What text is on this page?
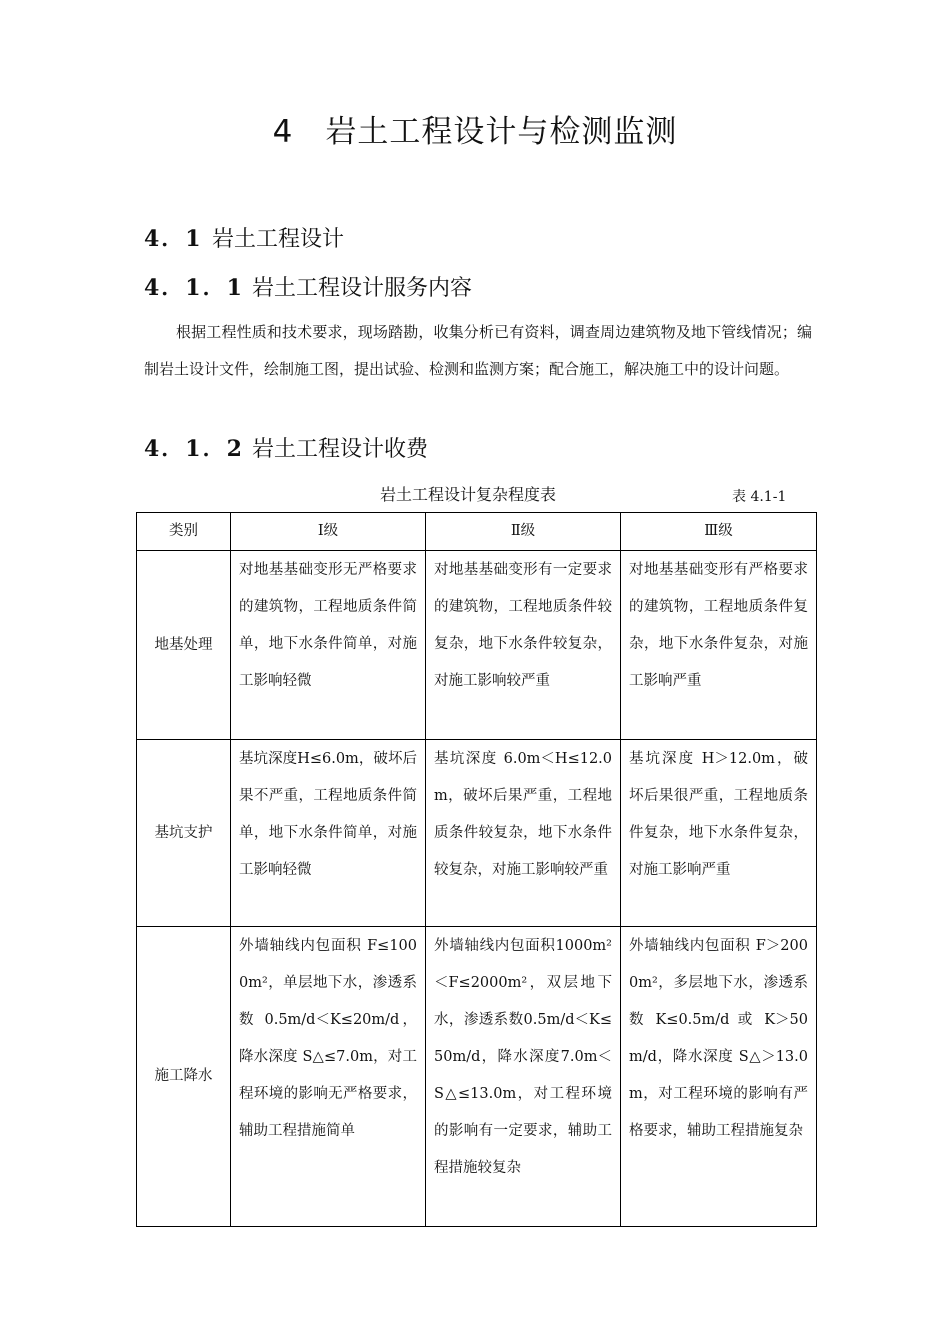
4 岩土工程设计与检测监测
4．1 岩土工程设计
4．1．1 岩土工程设计服务内容

根据工程性质和技术要求，现场踏勘，收集分析已有资料，调查周边建筑物及地下管线情况；编制岩土设计文件，绘制施工图，提出试验、检测和监测方案；配合施工，解决施工中的设计问题。

4．1．2 岩土工程设计收费
岩土工程设计复杂程度表	表 4.1-1
类别	Ⅰ级	Ⅱ级	Ⅲ级
地基处理	对地基基础变形无严格要求的建筑物，工程地质条件简单，地下水条件简单，对施工影响轻微	对地基基础变形有一定要求的建筑物，工程地质条件较复杂，地下水条件较复杂，对施工影响较严重	对地基基础变形有严格要求的建筑物，工程地质条件复杂，地下水条件复杂，对施工影响严重

基坑支护	基坑深度H≤6.0m，破坏后果不严重，工程地质条件简单，地下水条件简单，对施工影响轻微	基坑深度 6.0m＜H≤12.0m，破坏后果严重，工程地质条件较复杂，地下水条件较复杂，对施工影响较严重	基坑深度 H＞12.0m，破坏后果很严重，工程地质条件复杂，地下水条件复杂，对施工影响严重

施工降水	外墙轴线内包面积 F≤1000m²，单层地下水，渗透系数 0.5m/d＜K≤20m/d，降水深度 S△≤7.0m，对工程环境的影响无严格要求，辅助工程措施简单	外墙轴线内包面积1000m²＜F≤2000m²，双层地下水，渗透系数0.5m/d＜K≤50m/d，降水深度7.0m＜S△≤13.0m，对工程环境的影响有一定要求，辅助工程措施较复杂	外墙轴线内包面积 F＞2000m²，多层地下水，渗透系数 K≤0.5m/d 或 K＞50m/d，降水深度 S△＞13.0m，对工程环境的影响有严格要求，辅助工程措施复杂
